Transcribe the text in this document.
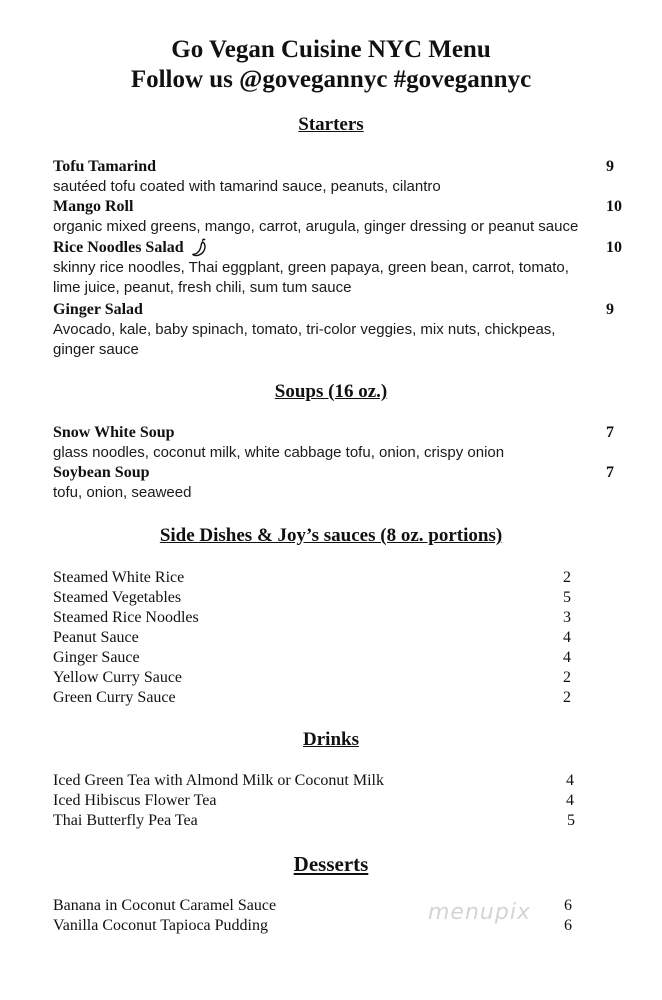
Go Vegan Cuisine NYC Menu
Follow us @govegannyc #govegannyc
Starters
Tofu Tamarind	9
sautéed tofu coated with tamarind sauce, peanuts, cilantro
Mango Roll	10
organic mixed greens, mango, carrot, arugula, ginger dressing or peanut sauce
Rice Noodles Salad	10
skinny rice noodles, Thai eggplant, green papaya, green bean, carrot, tomato,
lime juice, peanut, fresh chili, sum tum sauce
Ginger Salad	9
Avocado, kale, baby spinach, tomato, tri-color veggies, mix nuts, chickpeas,
ginger sauce
Soups (16 oz.)
Snow White Soup	7
glass noodles, coconut milk, white cabbage tofu, onion, crispy onion
Soybean Soup	7
tofu, onion, seaweed
Side Dishes & Joy’s sauces (8 oz. portions)
Steamed White Rice	2
Steamed Vegetables	5
Steamed Rice Noodles	3
Peanut Sauce	4
Ginger Sauce	4
Yellow Curry Sauce	2
Green Curry Sauce	2
Drinks
Iced Green Tea with Almond Milk or Coconut Milk	4
Iced Hibiscus Flower Tea	4
Thai Butterfly Pea Tea	5
Desserts
Banana in Coconut Caramel Sauce	6
Vanilla Coconut Tapioca Pudding	6
menupix
